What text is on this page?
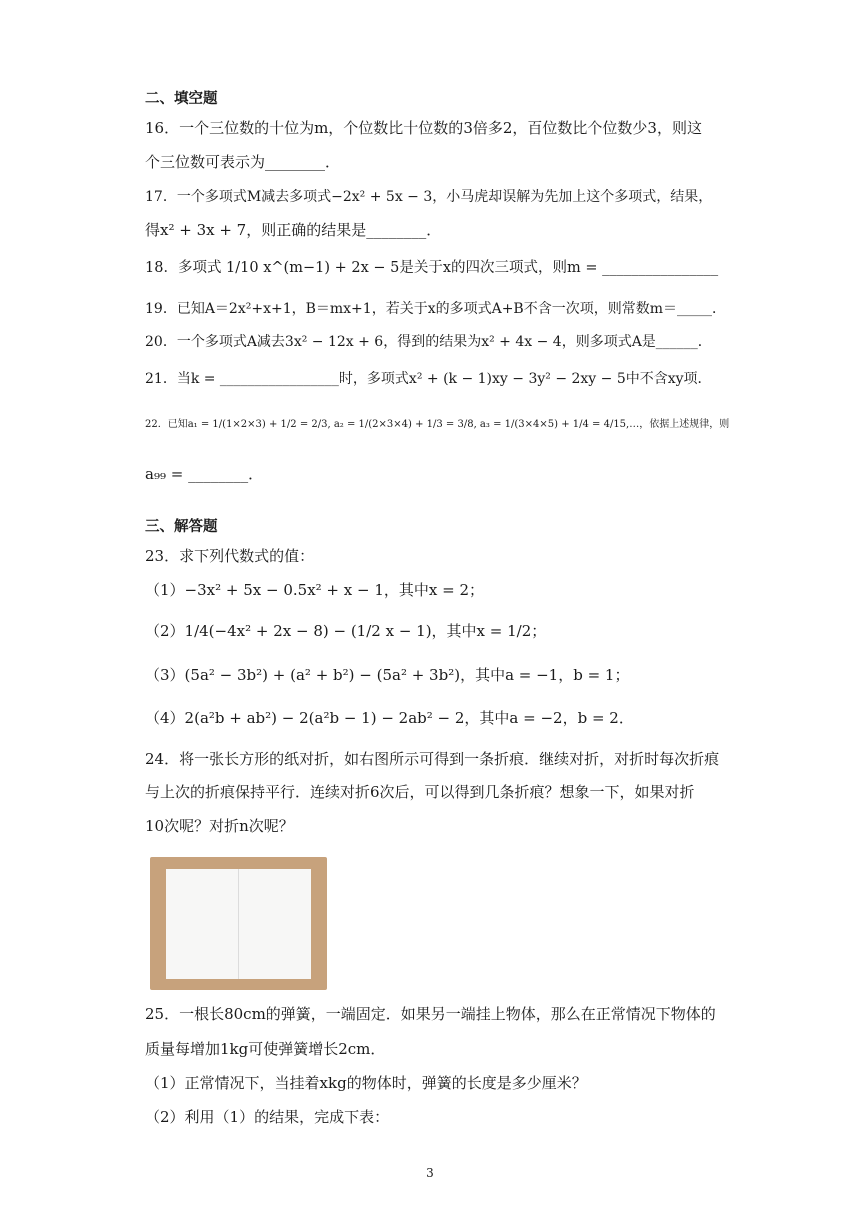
二、填空题
16．一个三位数的十位为m，个位数比十位数的3倍多2，百位数比个位数少3，则这
个三位数可表示为________．
17．一个多项式M减去多项式−2x² + 5x − 3，小马虎却误解为先加上这个多项式，结果，
得x² + 3x + 7，则正确的结果是________．
18．多项式 1/10 x^(m−1) + 2x − 5是关于x的四次三项式，则m = ________________
19．已知A＝2x²+x+1，B＝mx+1，若关于x的多项式A+B不含一次项，则常数m＝_____．
20．一个多项式A减去3x² − 12x + 6，得到的结果为x² + 4x − 4，则多项式A是______．
21．当k = _________________时，多项式x² + (k − 1)xy − 3y² − 2xy − 5中不含xy项．
22．已知a₁ = 1/(1×2×3) + 1/2 = 2/3, a₂ = 1/(2×3×4) + 1/3 = 3/8, a₃ = 1/(3×4×5) + 1/4 = 4/15,…，依据上述规律，则
a₉₉ = ________．
三、解答题
23．求下列代数式的值：
（1）−3x² + 5x − 0.5x² + x − 1，其中x = 2；
（2）1/4(−4x² + 2x − 8) − (1/2 x − 1)，其中x = 1/2；
（3）(5a² − 3b²) + (a² + b²) − (5a² + 3b²)，其中a = −1，b = 1；
（4）2(a²b + ab²) − 2(a²b − 1) − 2ab² − 2，其中a = −2，b = 2．
24．将一张长方形的纸对折，如右图所示可得到一条折痕．继续对折，对折时每次折痕
与上次的折痕保持平行．连续对折6次后，可以得到几条折痕？想象一下，如果对折
10次呢？对折n次呢？
25．一根长80cm的弹簧，一端固定．如果另一端挂上物体，那么在正常情况下物体的
质量每增加1kg可使弹簧增长2cm．
（1）正常情况下，当挂着xkg的物体时，弹簧的长度是多少厘米？
（2）利用（1）的结果，完成下表：
3
